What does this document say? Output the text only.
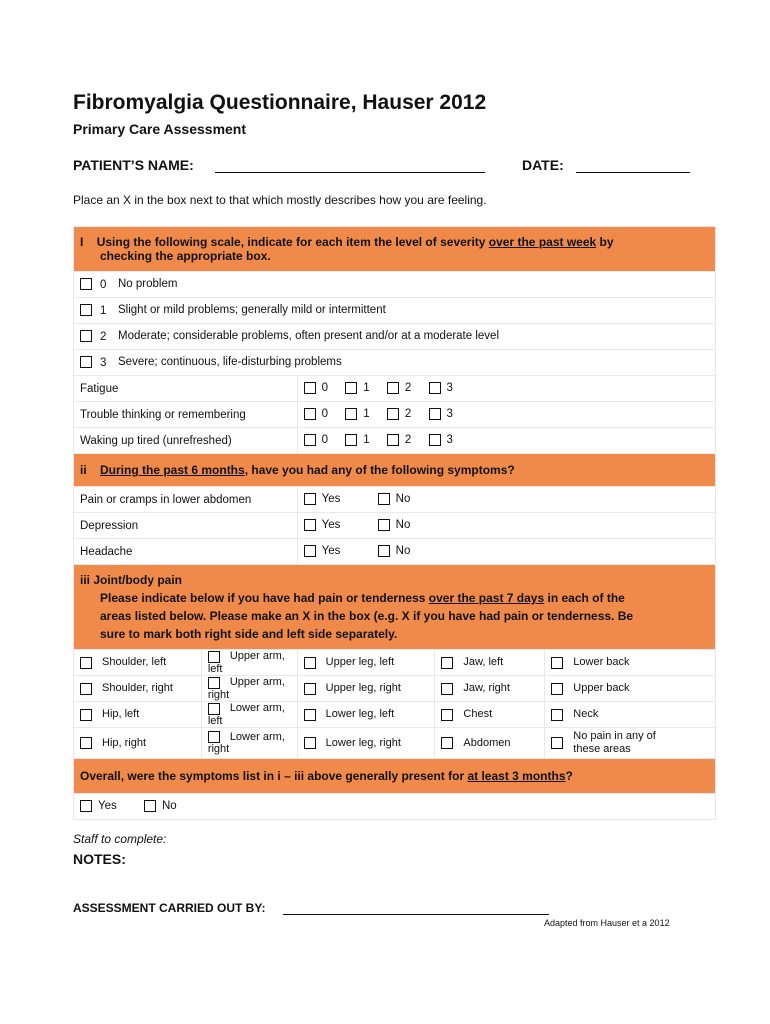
Fibromyalgia Questionnaire, Hauser 2012
Primary Care Assessment
PATIENT’S NAME:	DATE:
Place an X in the box next to that which mostly describes how you are feeling.
I Using the following scale, indicate for each item the level of severity over the past week by
checking the appropriate box.				

0 No problem				
1 Slight or mild problems; generally mild or intermittent				
2 Moderate; considerable problems, often present and/or at a moderate level				
3 Severe; continuous, life-disturbing problems				
Fatigue		0 1 2 3		
Trouble thinking or remembering		0 1 2 3		
Waking up tired (unrefreshed)		0 1 2 3		
ii During the past 6 months, have you had any of the following symptoms?				
Pain or cramps in lower abdomen		Yes No		
Depression		Yes No		
Headache		Yes No		
iii Joint/body pain

Please indicate below if you have had pain or tenderness over the past 7 days in each of the
areas listed below. Please make an X in the box (e.g. X if you have had pain or tenderness. Be
sure to mark both right side and left side separately.				

Shoulder, left	Upper arm, left	Upper leg, left	Jaw, left	Lower back
Shoulder, right	Upper arm, right	Upper leg, right	Jaw, right	Upper back
Hip, left	Lower arm, left	Lower leg, left	Chest	Neck
Hip, right	Lower arm, right	Lower leg, right	Abdomen	No pain in any of
these areas
Overall, were the symptoms list in i – iii above generally present for at least 3 months?				
Yes No				
Staff to complete:
NOTES:
ASSESSMENT CARRIED OUT BY:
Adapted from Hauser et a 2012
